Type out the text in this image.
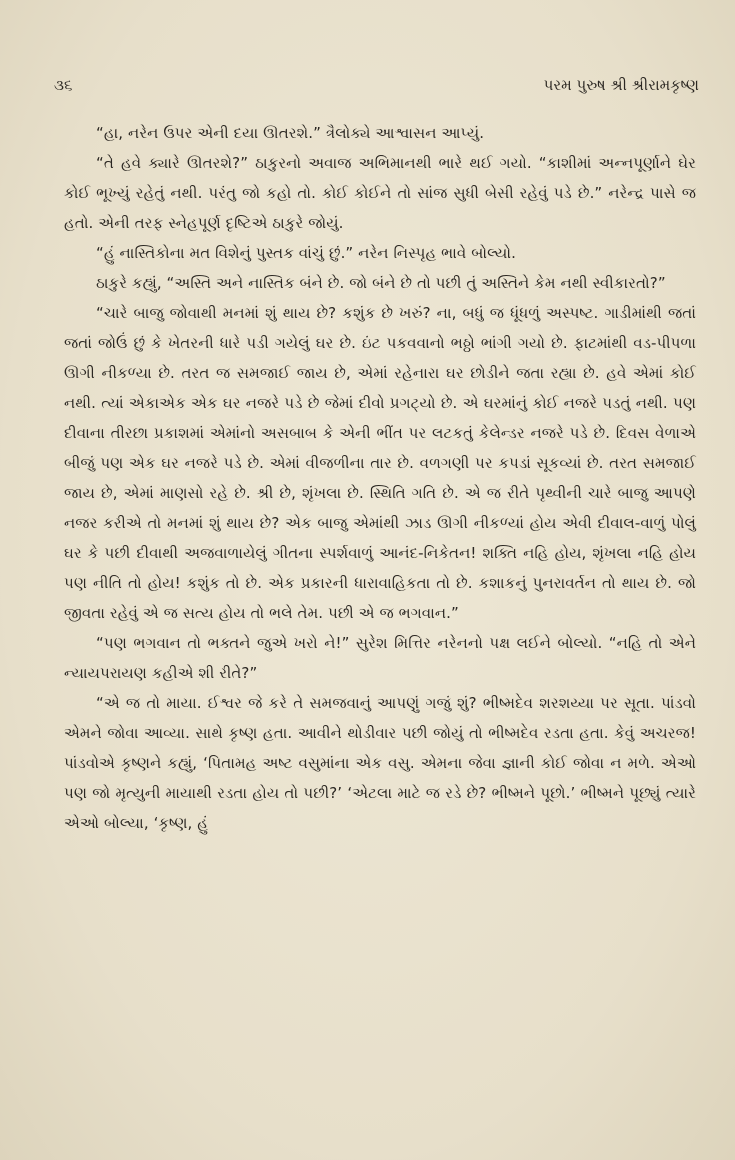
૩૬	પરમ પુરુષ શ્રી શ્રીરામકૃષ્ણ

“હા, નરેન ઉપર એની દયા ઊતરશે.” ત્રૈલોક્યે આશ્વાસન આપ્યું.

“તે હવે ક્યારે ઊતરશે?” ઠાકુરનો અવાજ અભિમાનથી ભારે થઈ ગયો. “કાશીમાં અન્નપૂર્ણાને ઘેર કોઈ ભૂખ્યું રહેતું નથી. પરંતુ જો કહો તો. કોઈ કોઈને તો સાંજ સુધી બેસી રહેવું પડે છે.” નરેન્દ્ર પાસે જ હતો. એની તરફ સ્નેહપૂર્ણ દૃષ્ટિએ ઠાકુરે જોયું.

“હું નાસ્તિકોના મત વિશેનું પુસ્તક વાંચું છું.” નરેન નિસ્પૃહ ભાવે બોલ્યો.

ઠાકુરે કહ્યું, “અસ્તિ અને નાસ્તિક બંને છે. જો બંને છે તો પછી તું અસ્તિને કેમ નથી સ્વીકારતો?”

“ચારે બાજુ જોવાથી મનમાં શું થાય છે? કશુંક છે ખરું? ના, બધું જ ધૂંધળું અસ્પષ્ટ. ગાડીમાંથી જતાં જતાં જોઉં છું કે ખેતરની ધારે પડી ગયેલું ઘર છે. ઇંટ પકવવાનો ભઠ્ઠો ભાંગી ગયો છે. ફાટમાંથી વડ-પીપળા ઊગી નીકળ્યા છે. તરત જ સમજાઈ જાય છે, એમાં રહેનારા ઘર છોડીને જતા રહ્યા છે. હવે એમાં કોઈ નથી. ત્યાં એકાએક એક ઘર નજરે પડે છે જેમાં દીવો પ્રગટ્યો છે. એ ઘરમાંનું કોઈ નજરે પડતું નથી. પણ દીવાના તીરછા પ્રકાશમાં એમાંનો અસબાબ કે એની ભીંત પર લટકતું કેલેન્ડર નજરે પડે છે. દિવસ વેળાએ બીજું પણ એક ઘર નજરે પડે છે. એમાં વીજળીના તાર છે. વળગણી પર કપડાં સૂકવ્યાં છે. તરત સમજાઈ જાય છે, એમાં માણસો રહે છે. શ્રી છે, શૃંખલા છે. સ્થિતિ ગતિ છે. એ જ રીતે પૃથ્વીની ચારે બાજુ આપણે નજર કરીએ તો મનમાં શું થાય છે? એક બાજુ એમાંથી ઝાડ ઊગી નીકળ્યાં હોય એવી દીવાલ-વાળું પોલું ઘર કે પછી દીવાથી અજવાળાયેલું ગીતના સ્પર્શવાળું આનંદ-નિકેતન! શક્તિ નહિ હોય, શૃંખલા નહિ હોય પણ નીતિ તો હોય! કશુંક તો છે. એક પ્રકારની ધારાવાહિકતા તો છે. કશાકનું પુનરાવર્તન તો થાય છે. જો જીવતા રહેવું એ જ સત્ય હોય તો ભલે તેમ. પછી એ જ ભગવાન.”

“પણ ભગવાન તો ભક્તને જુએ ખરો ને!” સુરેશ મિત્તિર નરેનનો પક્ષ લઈને બોલ્યો. “નહિ તો એને ન્યાયપરાયણ કહીએ શી રીતે?”

“એ જ તો માયા. ઈશ્વર જે કરે તે સમજવાનું આપણું ગજું શું? ભીષ્મદેવ શરશય્યા પર સૂતા. પાંડવો એમને જોવા આવ્યા. સાથે કૃષ્ણ હતા. આવીને થોડીવાર પછી જોયું તો ભીષ્મદેવ રડતા હતા. કેવું અચરજ! પાંડવોએ કૃષ્ણને કહ્યું, ‘પિતામહ અષ્ટ વસુમાંના એક વસુ. એમના જેવા જ્ઞાની કોઈ જોવા ન મળે. એઓ પણ જો મૃત્યુની માયાથી રડતા હોય તો પછી?’ ‘એટલા માટે જ રડે છે? ભીષ્મને પૂછો.’ ભીષ્મને પૂછ્યું ત્યારે એઓ બોલ્યા, ‘કૃષ્ણ, હું
